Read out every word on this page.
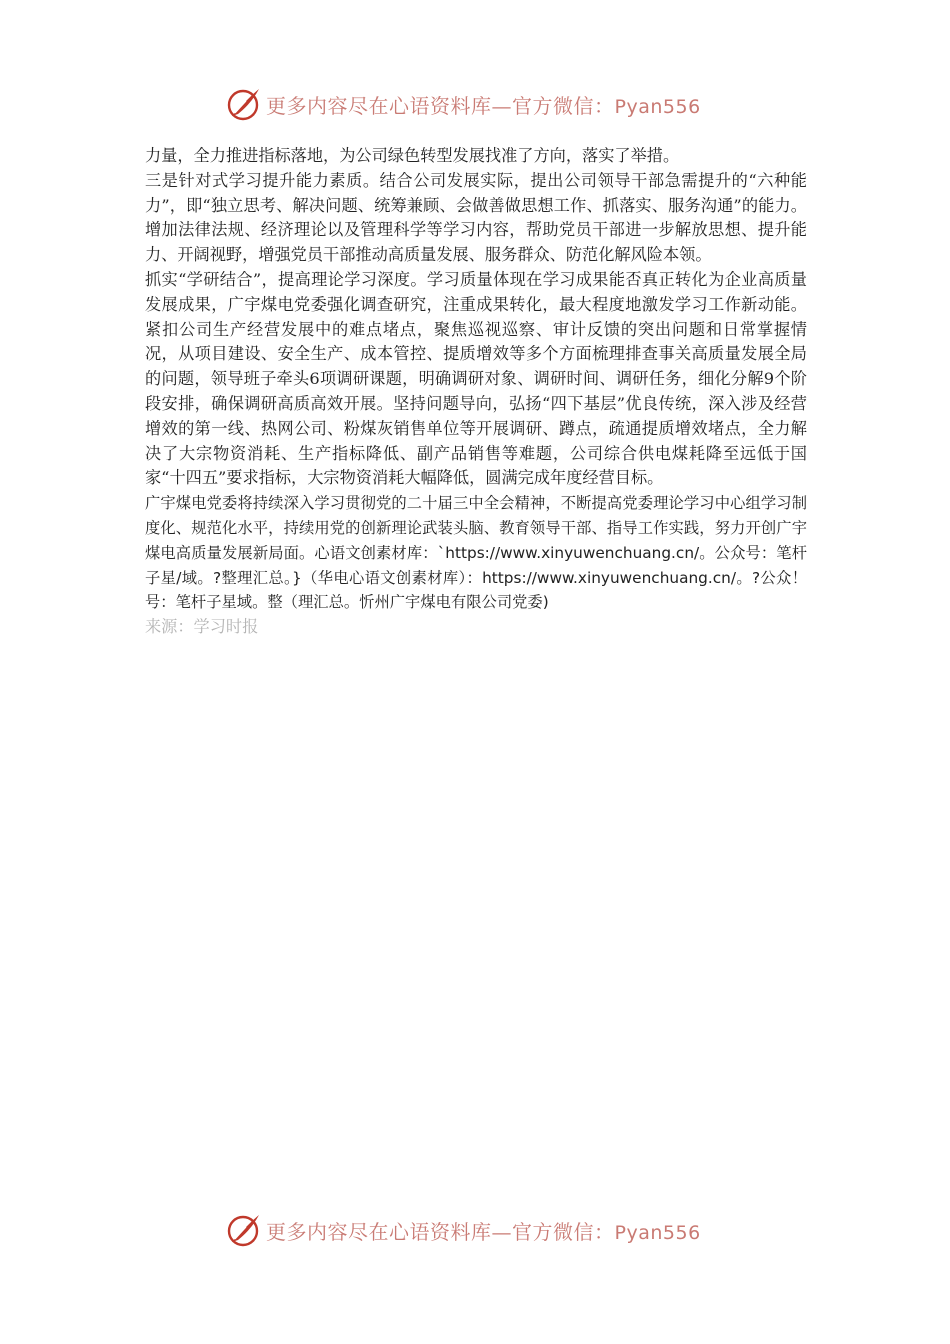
更多内容尽在心语资料库—官方微信：Pyan556

力量，全力推进指标落地，为公司绿色转型发展找准了方向，落实了举措。

三是针对式学习提升能力素质。结合公司发展实际，提出公司领导干部急需提升的“六种能力”，即“独立思考、解决问题、统筹兼顾、会做善做思想工作、抓落实、服务沟通”的能力。增加法律法规、经济理论以及管理科学等学习内容，帮助党员干部进一步解放思想、提升能力、开阔视野，增强党员干部推动高质量发展、服务群众、防范化解风险本领。

抓实“学研结合”，提高理论学习深度。学习质量体现在学习成果能否真正转化为企业高质量发展成果，广宇煤电党委强化调查研究，注重成果转化，最大程度地激发学习工作新动能。紧扣公司生产经营发展中的难点堵点，聚焦巡视巡察、审计反馈的突出问题和日常掌握情况，从项目建设、安全生产、成本管控、提质增效等多个方面梳理排查事关高质量发展全局的问题，领导班子牵头6项调研课题，明确调研对象、调研时间、调研任务，细化分解9个阶段安排，确保调研高质高效开展。坚持问题导向，弘扬“四下基层”优良传统，深入涉及经营增效的第一线、热网公司、粉煤灰销售单位等开展调研、蹲点，疏通提质增效堵点，全力解决了大宗物资消耗、生产指标降低、副产品销售等难题，公司综合供电煤耗降至远低于国家“十四五”要求指标，大宗物资消耗大幅降低，圆满完成年度经营目标。

广宇煤电党委将持续深入学习贯彻党的二十届三中全会精神，不断提高党委理论学习中心组学习制度化、规范化水平，持续用党的创新理论武装头脑、教育领导干部、指导工作实践，努力开创广宇煤电高质量发展新局面。心语文创素材库：`https://www.xinyuwenchuang.cn/。公众号：笔杆子星/域。?整理汇总。}（华电心语文创素材库）：https://www.xinyuwenchuang.cn/。?公众！号：笔杆子星域。整（理汇总。忻州广宇煤电有限公司党委)

来源：学习时报

更多内容尽在心语资料库—官方微信：Pyan556
